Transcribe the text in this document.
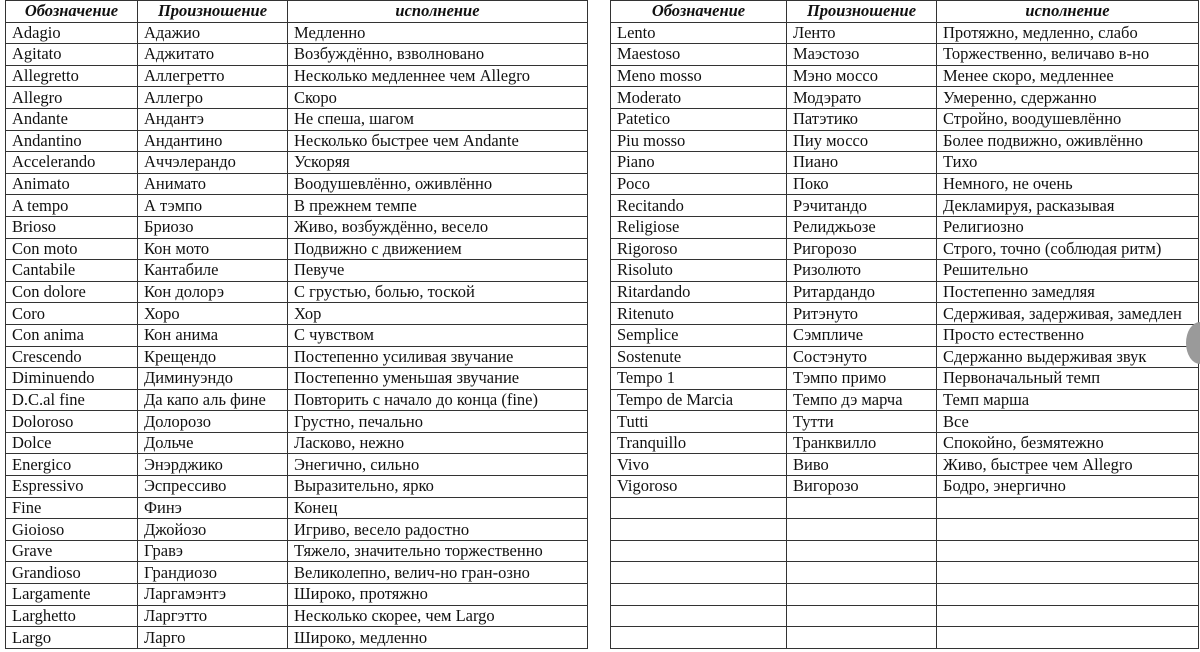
Обозначение	Произношение	исполнение
Adagio	Адажио	Медленно
Agitato	Аджитато	Возбуждённо, взволновано
Allegretto	Аллегретто	Несколько медленнее чем Allegro
Allegro	Аллегро	Скоро
Andante	Андантэ	Не спеша, шагом
Andantino	Андантино	Несколько быстрее чем Andante
Accelerando	Аччэлерандо	Ускоряя
Animato	Анимато	Воодушевлённо, оживлённо
A tempo	А тэмпо	В прежнем темпе
Brioso	Бриозо	Живо, возбуждённо, весело
Con moto	Кон мото	Подвижно с движением
Cantabile	Кантабиле	Певуче
Con dolore	Кон долорэ	С грустью, болью, тоской
Coro	Хоро	Хор
Con anima	Кон анима	С чувством
Crescendo	Крещендо	Постепенно усиливая звучание
Diminuendo	Диминуэндо	Постепенно уменьшая звучание
D.C.al fine	Да капо аль фине	Повторить с начало до конца (fine)
Doloroso	Долорозо	Грустно, печально
Dolce	Дольче	Ласково, нежно
Energico	Энэрджико	Энегично, сильно
Espressivo	Эспрессиво	Выразительно, ярко
Fine	Финэ	Конец
Gioioso	Джойозо	Игриво, весело радостно
Grave	Гравэ	Тяжело, значительно торжественно
Grandioso	Грандиозо	Великолепно, велич-но гран-озно
Largamente	Ларгамэнтэ	Широко, протяжно
Larghetto	Ларгэтто	Несколько скорее, чем Largo
Largo	Ларго	Широко, медленно
Обозначение	Произношение	исполнение
Lento	Ленто	Протяжно, медленно, слабо
Maestoso	Маэстозо	Торжественно, величаво в-но
Meno mosso	Мэно моссо	Менее скоро, медленнее
Moderato	Модэрато	Умеренно, сдержанно
Patetico	Патэтико	Стройно, воодушевлённо
Piu mosso	Пиу моссо	Более подвижно, оживлённо
Piano	Пиано	Тихо
Poco	Поко	Немного, не очень
Recitando	Рэчитандо	Декламируя, расказывая
Religiose	Релиджьозе	Религиозно
Rigoroso	Ригорозо	Строго, точно (соблюдая ритм)
Risoluto	Ризолюто	Решительно
Ritardando	Ритардандо	Постепенно замедляя
Ritenuto	Ритэнуто	Сдерживая, задерживая, замедлен
Semplice	Сэмпличе	Просто естественно
Sostenute	Состэнуто	Сдержанно выдерживая звук
Tempo 1	Тэмпо примо	Первоначальный темп
Tempo de Marcia	Темпо дэ марча	Темп марша
Tutti	Тутти	Все
Tranquillo	Транквилло	Спокойно, безмятежно
Vivo	Виво	Живо, быстрее чем Allegro
Vigoroso	Вигорозо	Бодро, энергично
